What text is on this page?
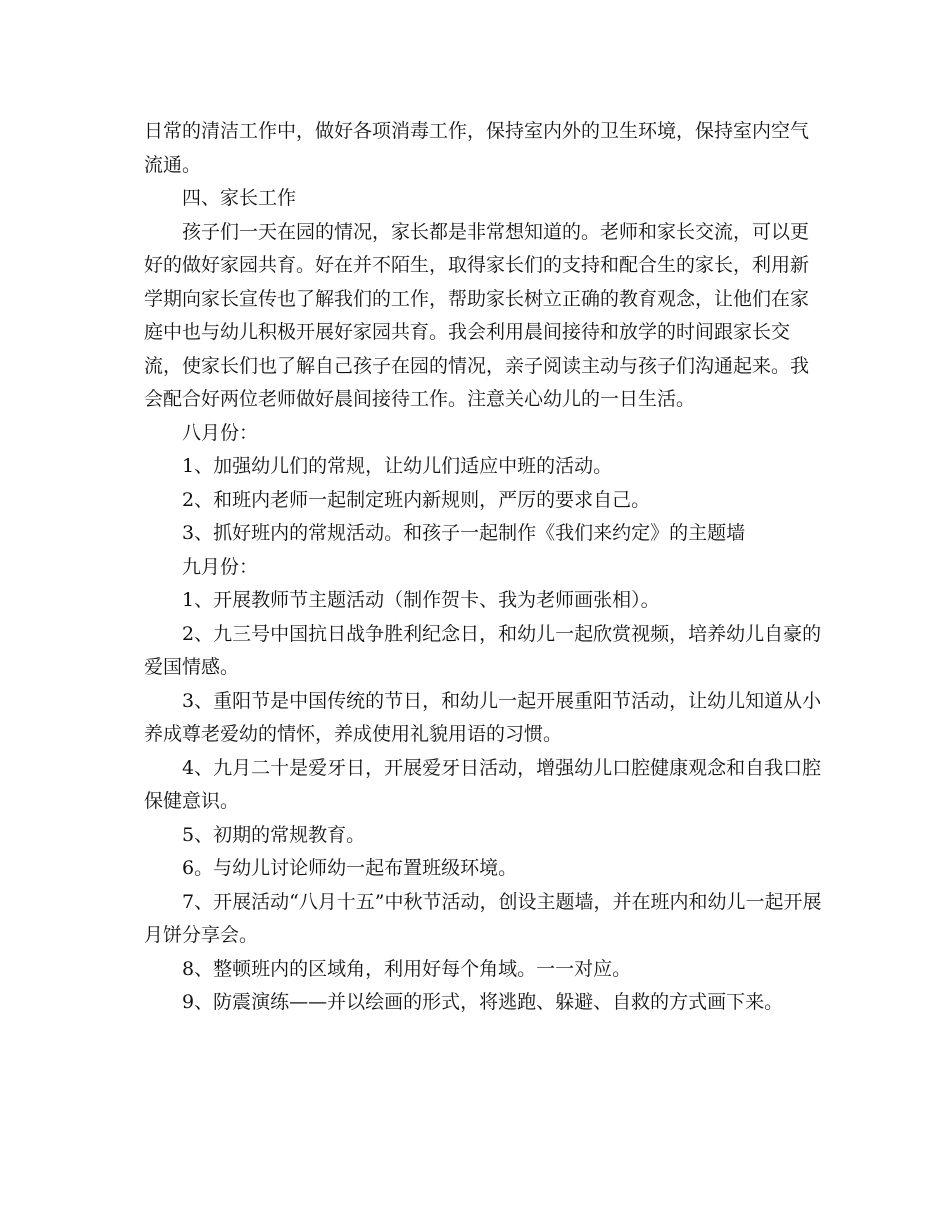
日常的清洁工作中，做好各项消毒工作，保持室内外的卫生环境，保持室内空气流通。

四、家长工作

孩子们一天在园的情况，家长都是非常想知道的。老师和家长交流，可以更好的做好家园共育。好在并不陌生，取得家长们的支持和配合生的家长，利用新学期向家长宣传也了解我们的工作，帮助家长树立正确的教育观念，让他们在家庭中也与幼儿积极开展好家园共育。我会利用晨间接待和放学的时间跟家长交流，使家长们也了解自己孩子在园的情况，亲子阅读主动与孩子们沟通起来。我会配合好两位老师做好晨间接待工作。注意关心幼儿的一日生活。

八月份：

1、加强幼儿们的常规，让幼儿们适应中班的活动。

2、和班内老师一起制定班内新规则，严厉的要求自己。

3、抓好班内的常规活动。和孩子一起制作《我们来约定》的主题墙

九月份：

1、开展教师节主题活动（制作贺卡、我为老师画张相）。

2、九三号中国抗日战争胜利纪念日，和幼儿一起欣赏视频，培养幼儿自豪的爱国情感。

3、重阳节是中国传统的节日，和幼儿一起开展重阳节活动，让幼儿知道从小养成尊老爱幼的情怀，养成使用礼貌用语的习惯。

4、九月二十是爱牙日，开展爱牙日活动，增强幼儿口腔健康观念和自我口腔保健意识。

5、初期的常规教育。

6。与幼儿讨论师幼一起布置班级环境。

7、开展活动“八月十五”中秋节活动，创设主题墙，并在班内和幼儿一起开展月饼分享会。

8、整顿班内的区域角，利用好每个角域。一一对应。

9、防震演练——并以绘画的形式，将逃跑、躲避、自救的方式画下来。
